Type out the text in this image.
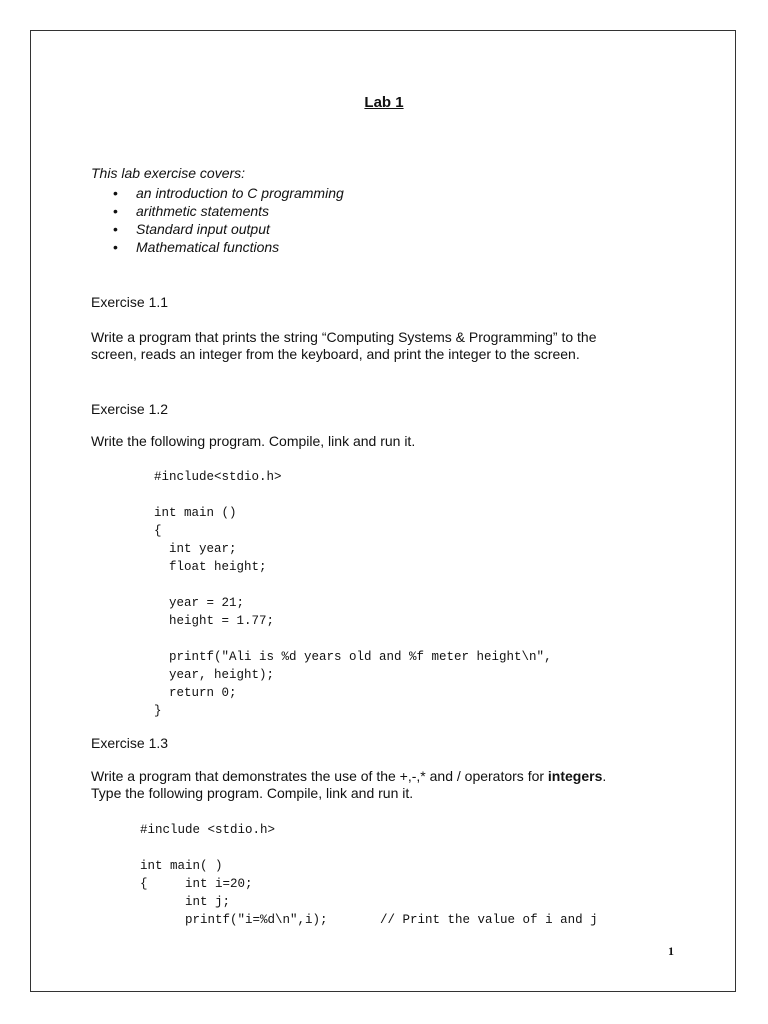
Lab 1
This lab exercise covers:
•	an introduction to C programming
•	arithmetic statements
•	Standard input output
•	Mathematical functions
Exercise 1.1
Write a program that prints the string “Computing Systems & Programming” to the
screen, reads an integer from the keyboard, and print the integer to the screen.
Exercise 1.2
Write the following program. Compile, link and run it.
#include<stdio.h>
int main ()
{
int year;
float height;
year = 21;
height = 1.77;
printf("Ali is %d years old and %f meter height\n",
year, height);
return 0;
}
Exercise 1.3
Write a program that demonstrates the use of the +,-,* and / operators for integers.
Type the following program. Compile, link and run it.
#include <stdio.h>
int main( )
{     int i=20;
int j;
printf("i=%d\n",i);       // Print the value of i and j
1
